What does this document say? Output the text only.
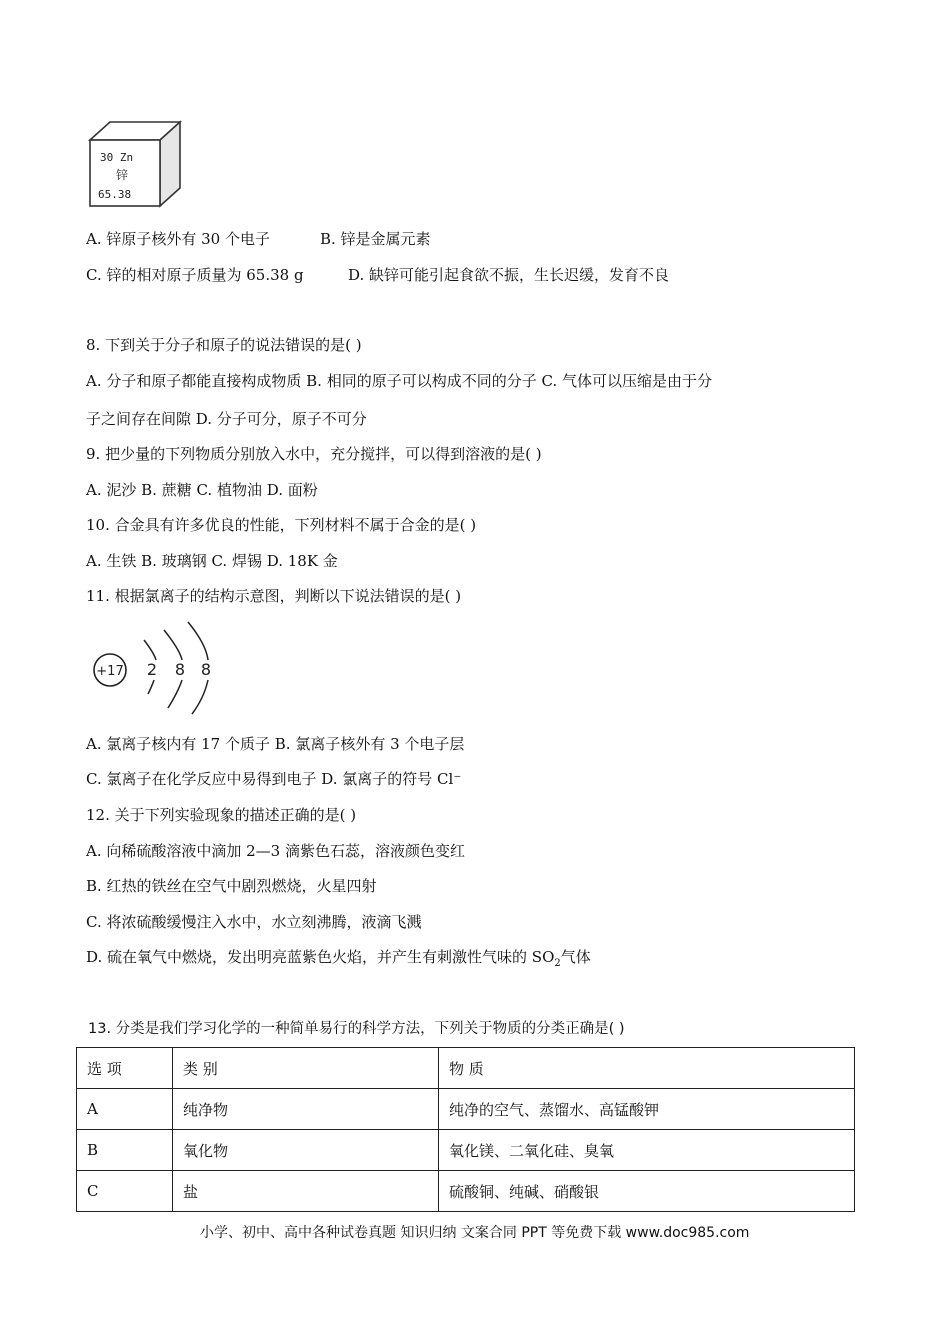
30 Zn
锌
65.38
A. 锌原子核外有 30 个电子	B. 锌是金属元素
C. 锌的相对原子质量为 65.38 g	D. 缺锌可能引起食欲不振，生长迟缓，发育不良
8. 下到关于分子和原子的说法错误的是( )
A. 分子和原子都能直接构成物质 B. 相同的原子可以构成不同的分子 C. 气体可以压缩是由于分
子之间存在间隙 D. 分子可分，原子不可分
9. 把少量的下列物质分别放入水中，充分搅拌，可以得到溶液的是( )
A. 泥沙 B. 蔗糖 C. 植物油 D. 面粉
10. 合金具有许多优良的性能，下列材料不属于合金的是( )
A. 生铁 B. 玻璃钢 C. 焊锡 D. 18K 金
11. 根据氯离子的结构示意图，判断以下说法错误的是( )
+17 2 8 8
A. 氯离子核内有 17 个质子 B. 氯离子核外有 3 个电子层
C. 氯离子在化学反应中易得到电子 D. 氯离子的符号 Cl⁻
12. 关于下列实验现象的描述正确的是( )
A. 向稀硫酸溶液中滴加 2—3 滴紫色石蕊，溶液颜色变红
B. 红热的铁丝在空气中剧烈燃烧，火星四射
C. 将浓硫酸缓慢注入水中，水立刻沸腾，液滴飞溅
D. 硫在氧气中燃烧，发出明亮蓝紫色火焰，并产生有刺激性气味的 $SO_2$气体
13. 分类是我们学习化学的一种简单易行的科学方法，下列关于物质的分类正确是( )
选 项	类 别	物 质
A	纯净物	纯净的空气、蒸馏水、高锰酸钾
B	氧化物	氧化镁、二氧化硅、臭氧
C	盐	硫酸铜、纯碱、硝酸银
小学、初中、高中各种试卷真题 知识归纳 文案合同 PPT 等免费下载 www.doc985.com
